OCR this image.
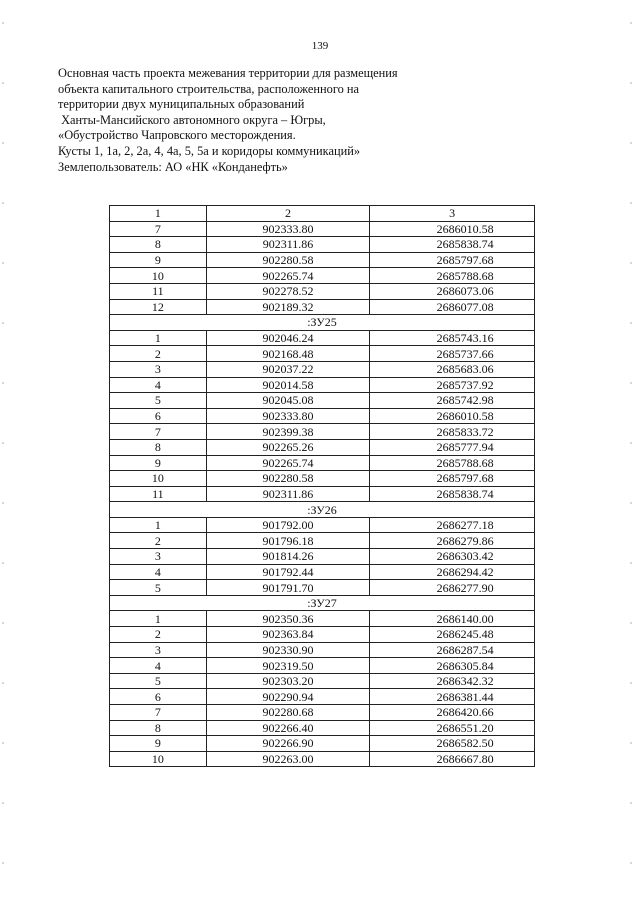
139
Основная часть проекта межевания территории для размещения
объекта капитального строительства, расположенного на
территории двух муниципальных образований
Ханты-Мансийского автономного округа – Югры,
«Обустройство Чапровского месторождения.
Кусты 1, 1а, 2, 2а, 4, 4а, 5, 5а и коридоры коммуникаций»
Землепользователь: АО «НК «Конданефть»
1	2	3
7	902333.80	2686010.58
8	902311.86	2685838.74
9	902280.58	2685797.68
10	902265.74	2685788.68
11	902278.52	2686073.06
12	902189.32	2686077.08
:ЗУ25		
1	902046.24	2685743.16
2	902168.48	2685737.66
3	902037.22	2685683.06
4	902014.58	2685737.92
5	902045.08	2685742.98
6	902333.80	2686010.58
7	902399.38	2685833.72
8	902265.26	2685777.94
9	902265.74	2685788.68
10	902280.58	2685797.68
11	902311.86	2685838.74
:ЗУ26		
1	901792.00	2686277.18
2	901796.18	2686279.86
3	901814.26	2686303.42
4	901792.44	2686294.42
5	901791.70	2686277.90
:ЗУ27		
1	902350.36	2686140.00
2	902363.84	2686245.48
3	902330.90	2686287.54
4	902319.50	2686305.84
5	902303.20	2686342.32
6	902290.94	2686381.44
7	902280.68	2686420.66
8	902266.40	2686551.20
9	902266.90	2686582.50
10	902263.00	2686667.80
